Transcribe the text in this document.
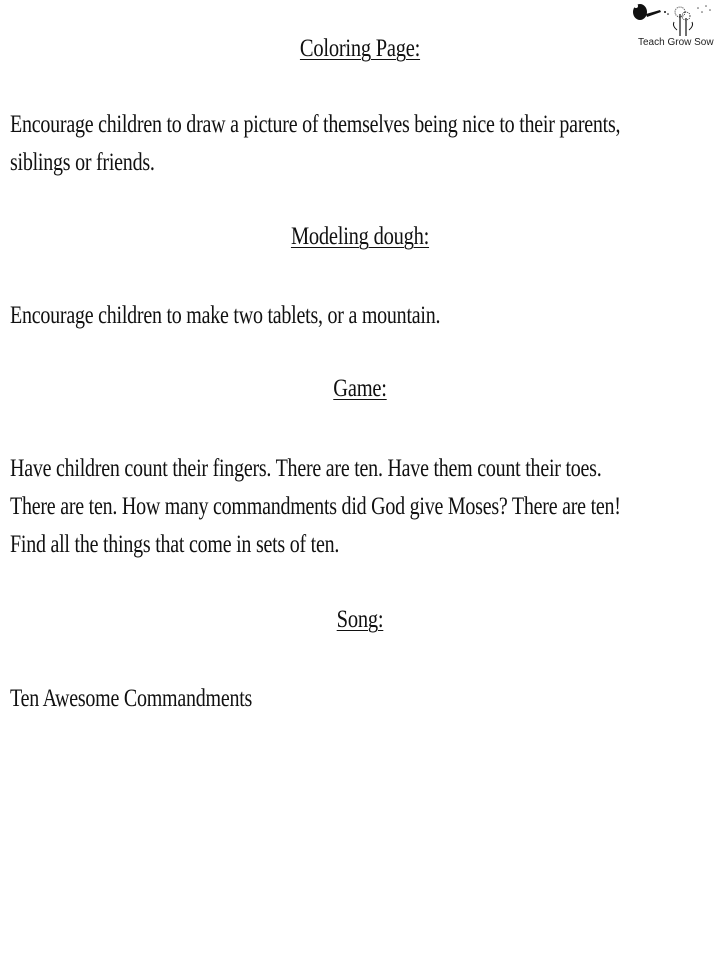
Teach Grow Sow
Coloring Page:
Encourage children to draw a picture of themselves being nice to their parents,
siblings or friends.
Modeling dough:
Encourage children to make two tablets, or a mountain.
Game:
Have children count their fingers. There are ten. Have them count their toes.
There are ten. How many commandments did God give Moses? There are ten!
Find all the things that come in sets of ten.
Song:
Ten Awesome Commandments
